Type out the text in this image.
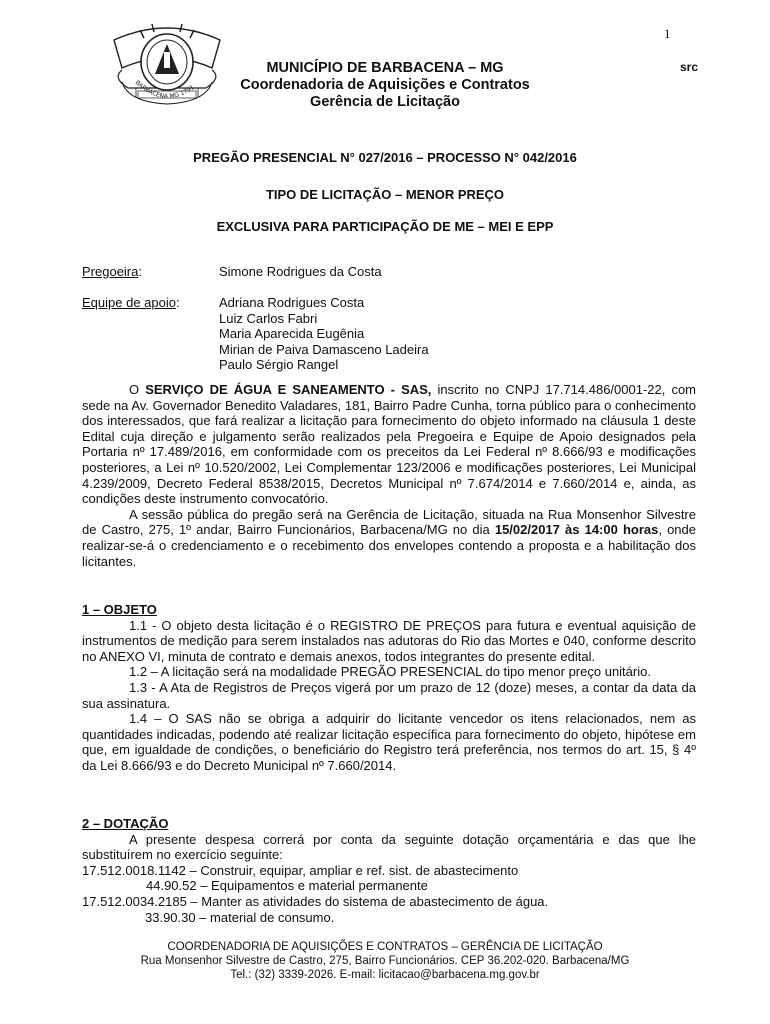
1
src
BARBACENA MG 1791
MUNICÍPIO DE BARBACENA – MG
Coordenadoria de Aquisições e Contratos
Gerência de Licitação
PREGÃO PRESENCIAL N° 027/2016 – PROCESSO N° 042/2016
TIPO DE LICITAÇÃO – MENOR PREÇO
EXCLUSIVA PARA PARTICIPAÇÃO DE ME – MEI E EPP
Pregoeira:	Simone Rodrigues da Costa
Equipe de apoio:	Adriana Rodrigues Costa
Luiz Carlos Fabri
Maria Aparecida Eugênia
Mirian de Paiva Damasceno Ladeira
Paulo Sérgio Rangel

O SERVIÇO DE ÁGUA E SANEAMENTO - SAS, inscrito no CNPJ 17.714.486/0001-22, com sede na Av. Governador Benedito Valadares, 181, Bairro Padre Cunha, torna público para o conhecimento dos interessados, que fará realizar a licitação para fornecimento do objeto informado na cláusula 1 deste Edital cuja direção e julgamento serão realizados pela Pregoeira e Equipe de Apoio designados pela Portaria nº 17.489/2016, em conformidade com os preceitos da Lei Federal nº 8.666/93 e modificações posteriores, a Lei nº 10.520/2002, Lei Complementar 123/2006 e modificações posteriores, Lei Municipal 4.239/2009, Decreto Federal 8538/2015, Decretos Municipal nº 7.674/2014 e 7.660/2014 e, ainda, as condições deste instrumento convocatório.

A sessão pública do pregão será na Gerência de Licitação, situada na Rua Monsenhor Silvestre de Castro, 275, 1º andar, Bairro Funcionários, Barbacena/MG no dia 15/02/2017 às 14:00 horas, onde realizar-se-á o credenciamento e o recebimento dos envelopes contendo a proposta e a habilitação dos licitantes.

1 – OBJETO

1.1 - O objeto desta licitação é o REGISTRO DE PREÇOS para futura e eventual aquisição de instrumentos de medição para serem instalados nas adutoras do Rio das Mortes e 040, conforme descrito no ANEXO VI, minuta de contrato e demais anexos, todos integrantes do presente edital.

1.2 – A licitação será na modalidade PREGÃO PRESENCIAL do tipo menor preço unitário.

1.3 - A Ata de Registros de Preços vigerá por um prazo de 12 (doze) meses, a contar da data da sua assinatura.

1.4 – O SAS não se obriga a adquirir do licitante vencedor os itens relacionados, nem as quantidades indicadas, podendo até realizar licitação específica para fornecimento do objeto, hipótese em que, em igualdade de condições, o beneficiário do Registro terá preferência, nos termos do art. 15, § 4º da Lei 8.666/93 e do Decreto Municipal nº 7.660/2014.

2 – DOTAÇÃO

A presente despesa correrá por conta da seguinte dotação orçamentária e das que lhe substituírem no exercício seguinte:

17.512.0018.1142 – Construir, equipar, ampliar e ref. sist. de abastecimento

44.90.52 – Equipamentos e material permanente

17.512.0034.2185 – Manter as atividades do sistema de abastecimento de água.

33.90.30 – material de consumo.

COORDENADORIA DE AQUISIÇÕES E CONTRATOS – GERÊNCIA DE LICITAÇÃO
Rua Monsenhor Silvestre de Castro, 275, Bairro Funcionários. CEP 36.202-020. Barbacena/MG
Tel.: (32) 3339-2026. E-mail: licitacao@barbacena.mg.gov.br
